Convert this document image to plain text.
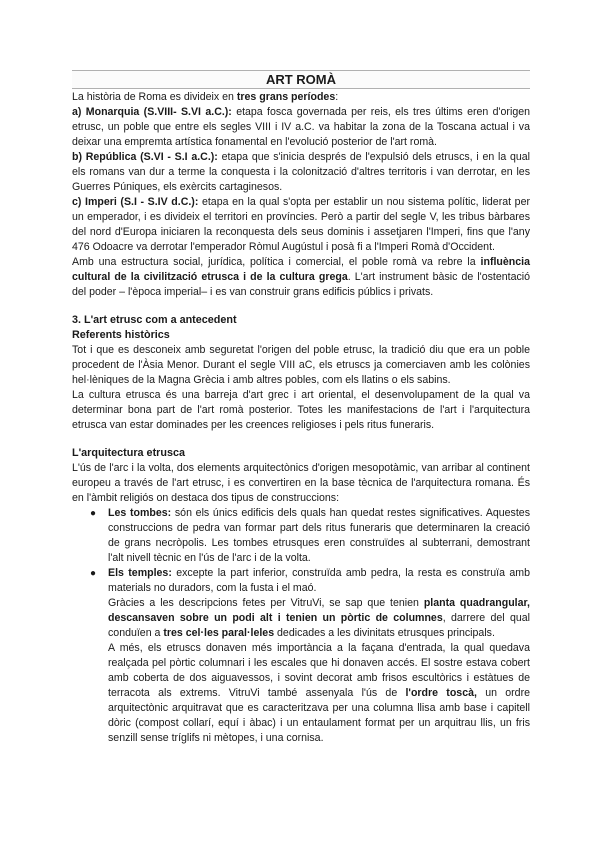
ART ROMÀ

La història de Roma es divideix en tres grans períodes:

a) Monarquia (S.VIII- S.VI a.C.): etapa fosca governada per reis, els tres últims eren d'origen etrusc, un poble que entre els segles VIII i IV a.C. va habitar la zona de la Toscana actual i va deixar una empremta artística fonamental en l'evolució posterior de l'art romà.

b) República (S.VI - S.I a.C.): etapa que s'inicia després de l'expulsió dels etruscs, i en la qual els romans van dur a terme la conquesta i la colonització d'altres territoris i van derrotar, en les Guerres Púniques, els exèrcits cartaginesos.

c) Imperi (S.I - S.IV d.C.): etapa en la qual s'opta per establir un nou sistema polític, liderat per un emperador, i es divideix el territori en províncies. Però a partir del segle V, les tribus bàrbares del nord d'Europa iniciaren la reconquesta dels seus dominis i assetjaren l'Imperi, fins que l'any 476 Odoacre va derrotar l'emperador Ròmul Augústul i posà fi a l'Imperi Romà d'Occident.

Amb una estructura social, jurídica, política i comercial, el poble romà va rebre la influència cultural de la civilització etrusca i de la cultura grega. L'art instrument bàsic de l'ostentació del poder – l'època imperial– i es van construir grans edificis públics i privats.

3. L'art etrusc com a antecedent
Referents històrics

Tot i que es desconeix amb seguretat l'origen del poble etrusc, la tradició diu que era un poble procedent de l'Àsia Menor. Durant el segle VIII aC, els etruscs ja comerciaven amb les colònies hel·lèniques de la Magna Grècia i amb altres pobles, com els llatins o els sabins.

La cultura etrusca és una barreja d'art grec i art oriental, el desenvolupament de la qual va determinar bona part de l'art romà posterior. Totes les manifestacions de l'art i l'arquitectura etrusca van estar dominades per les creences religioses i pels ritus funeraris.

L'arquitectura etrusca

L'ús de l'arc i la volta, dos elements arquitectònics d'origen mesopotàmic, van arribar al continent europeu a través de l'art etrusc, i es convertiren en la base tècnica de l'arquitectura romana. És en l'àmbit religiós on destaca dos tipus de construccions:

● Les tombes: són els únics edificis dels quals han quedat restes significatives. Aquestes construccions de pedra van formar part dels ritus funeraris que determinaren la creació de grans necròpolis. Les tombes etrusques eren construïdes al subterrani, demostrant l'alt nivell tècnic en l'ús de l'arc i de la volta.
● Els temples: excepte la part inferior, construïda amb pedra, la resta es construïa amb materials no duradors, com la fusta i el maó.

Gràcies a les descripcions fetes per VitruVi, se sap que tenien planta quadrangular, descansaven sobre un podi alt i tenien un pòrtic de columnes, darrere del qual conduïen a tres cel·les paral·leles dedicades a les divinitats etrusques principals.

A més, els etruscs donaven més importància a la façana d'entrada, la qual quedava realçada pel pòrtic columnari i les escales que hi donaven accés. El sostre estava cobert amb coberta de dos aiguavessos, i sovint decorat amb frisos escultòrics i estàtues de terracota als extrems. VitruVi també assenyala l'ús de l'ordre toscà, un ordre arquitectònic arquitravat que es caracteritzava per una columna llisa amb base i capitell dòric (compost collarí, equí i àbac) i un entaulament format per un arquitrau llis, un fris senzill sense tríglifs ni mètopes, i una cornisa.
